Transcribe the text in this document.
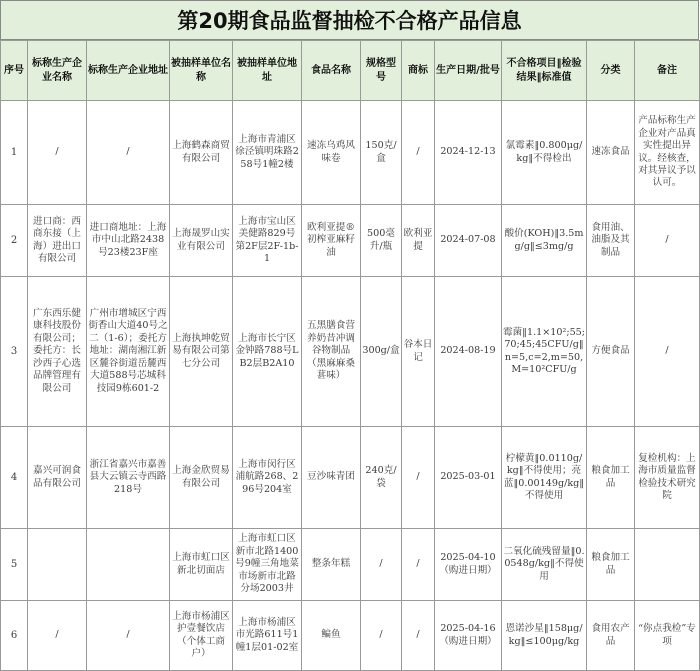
第20期食品监督抽检不合格产品信息
序号	标称生产企业名称	标称生产企业地址	被抽样单位名称	被抽样单位地址	食品名称	规格型号	商标	生产日期/批号	不合格项目‖检验结果‖标准值	分类	备注
1	/	/	上海鹤森商贸有限公司	上海市青浦区徐泾镇明珠路258号1幢2楼	速冻乌鸡风味卷	150克/盒	/	2024-12-13	氯霉素‖0.800μg/kg‖不得检出	速冻食品	产品标称生产企业对产品真实性提出异议。经核查，对其异议予以认可。
2	进口商：西商东接（上海）进出口有限公司	进口商地址：上海市中山北路2438号23楼23F座	上海晟罗山实业有限公司	上海市宝山区美健路829号第2F层2F-1b-1	欧利亚提®初榨亚麻籽油	500毫升/瓶	欧利亚提	2024-07-08	酸价(KOH)‖3.5mg/g‖≤3mg/g	食用油、油脂及其制品	/
3	广东西乐健康科技股份有限公司；委托方：长沙西子心选品牌管理有限公司	广州市增城区宁西街香山大道40号之二（1-6）；委托方地址：湖南湘江新区麓谷街道岳麓西大道588号芯城科技园9栋601-2	上海执坤乾贸易有限公司第七分公司	上海市长宁区金钟路788号LB2层B2A10	五黑膳食营养奶昔冲调谷物制品（黑麻麻桑葚味）	300g/盒	谷本日记	2024-08-19	霉菌‖1.1×10²;55;70;45;45CFU/g‖n=5,c=2,m=50,M=10²CFU/g	方便食品	/
4	嘉兴可润食品有限公司	浙江省嘉兴市嘉善县大云镇云寺西路218号	上海金欣贸易有限公司	上海市闵行区浦航路268、296号204室	豆沙味青团	240克/袋	/	2025-03-01	柠檬黄‖0.0110g/kg‖不得使用；亮蓝‖0.00149g/kg‖不得使用	粮食加工品	复检机构：上海市质量监督检验技术研究院
5			上海市虹口区新北切面店	上海市虹口区新市北路1400号9幢三角地菜市场新市北路分场2003井	整条年糕	/	/	2025-04-10（购进日期）	二氧化硫残留量‖0.0548g/kg‖不得使用	粮食加工品	
6	/	/	上海市杨浦区护壹餐饮店（个体工商户）	上海市杨浦区市光路611号1幢1层01-02室	鳊鱼	/	/	2025-04-16（购进日期）	恩诺沙星‖158μg/kg‖≤100μg/kg	食用农产品	“你点我检”专项
